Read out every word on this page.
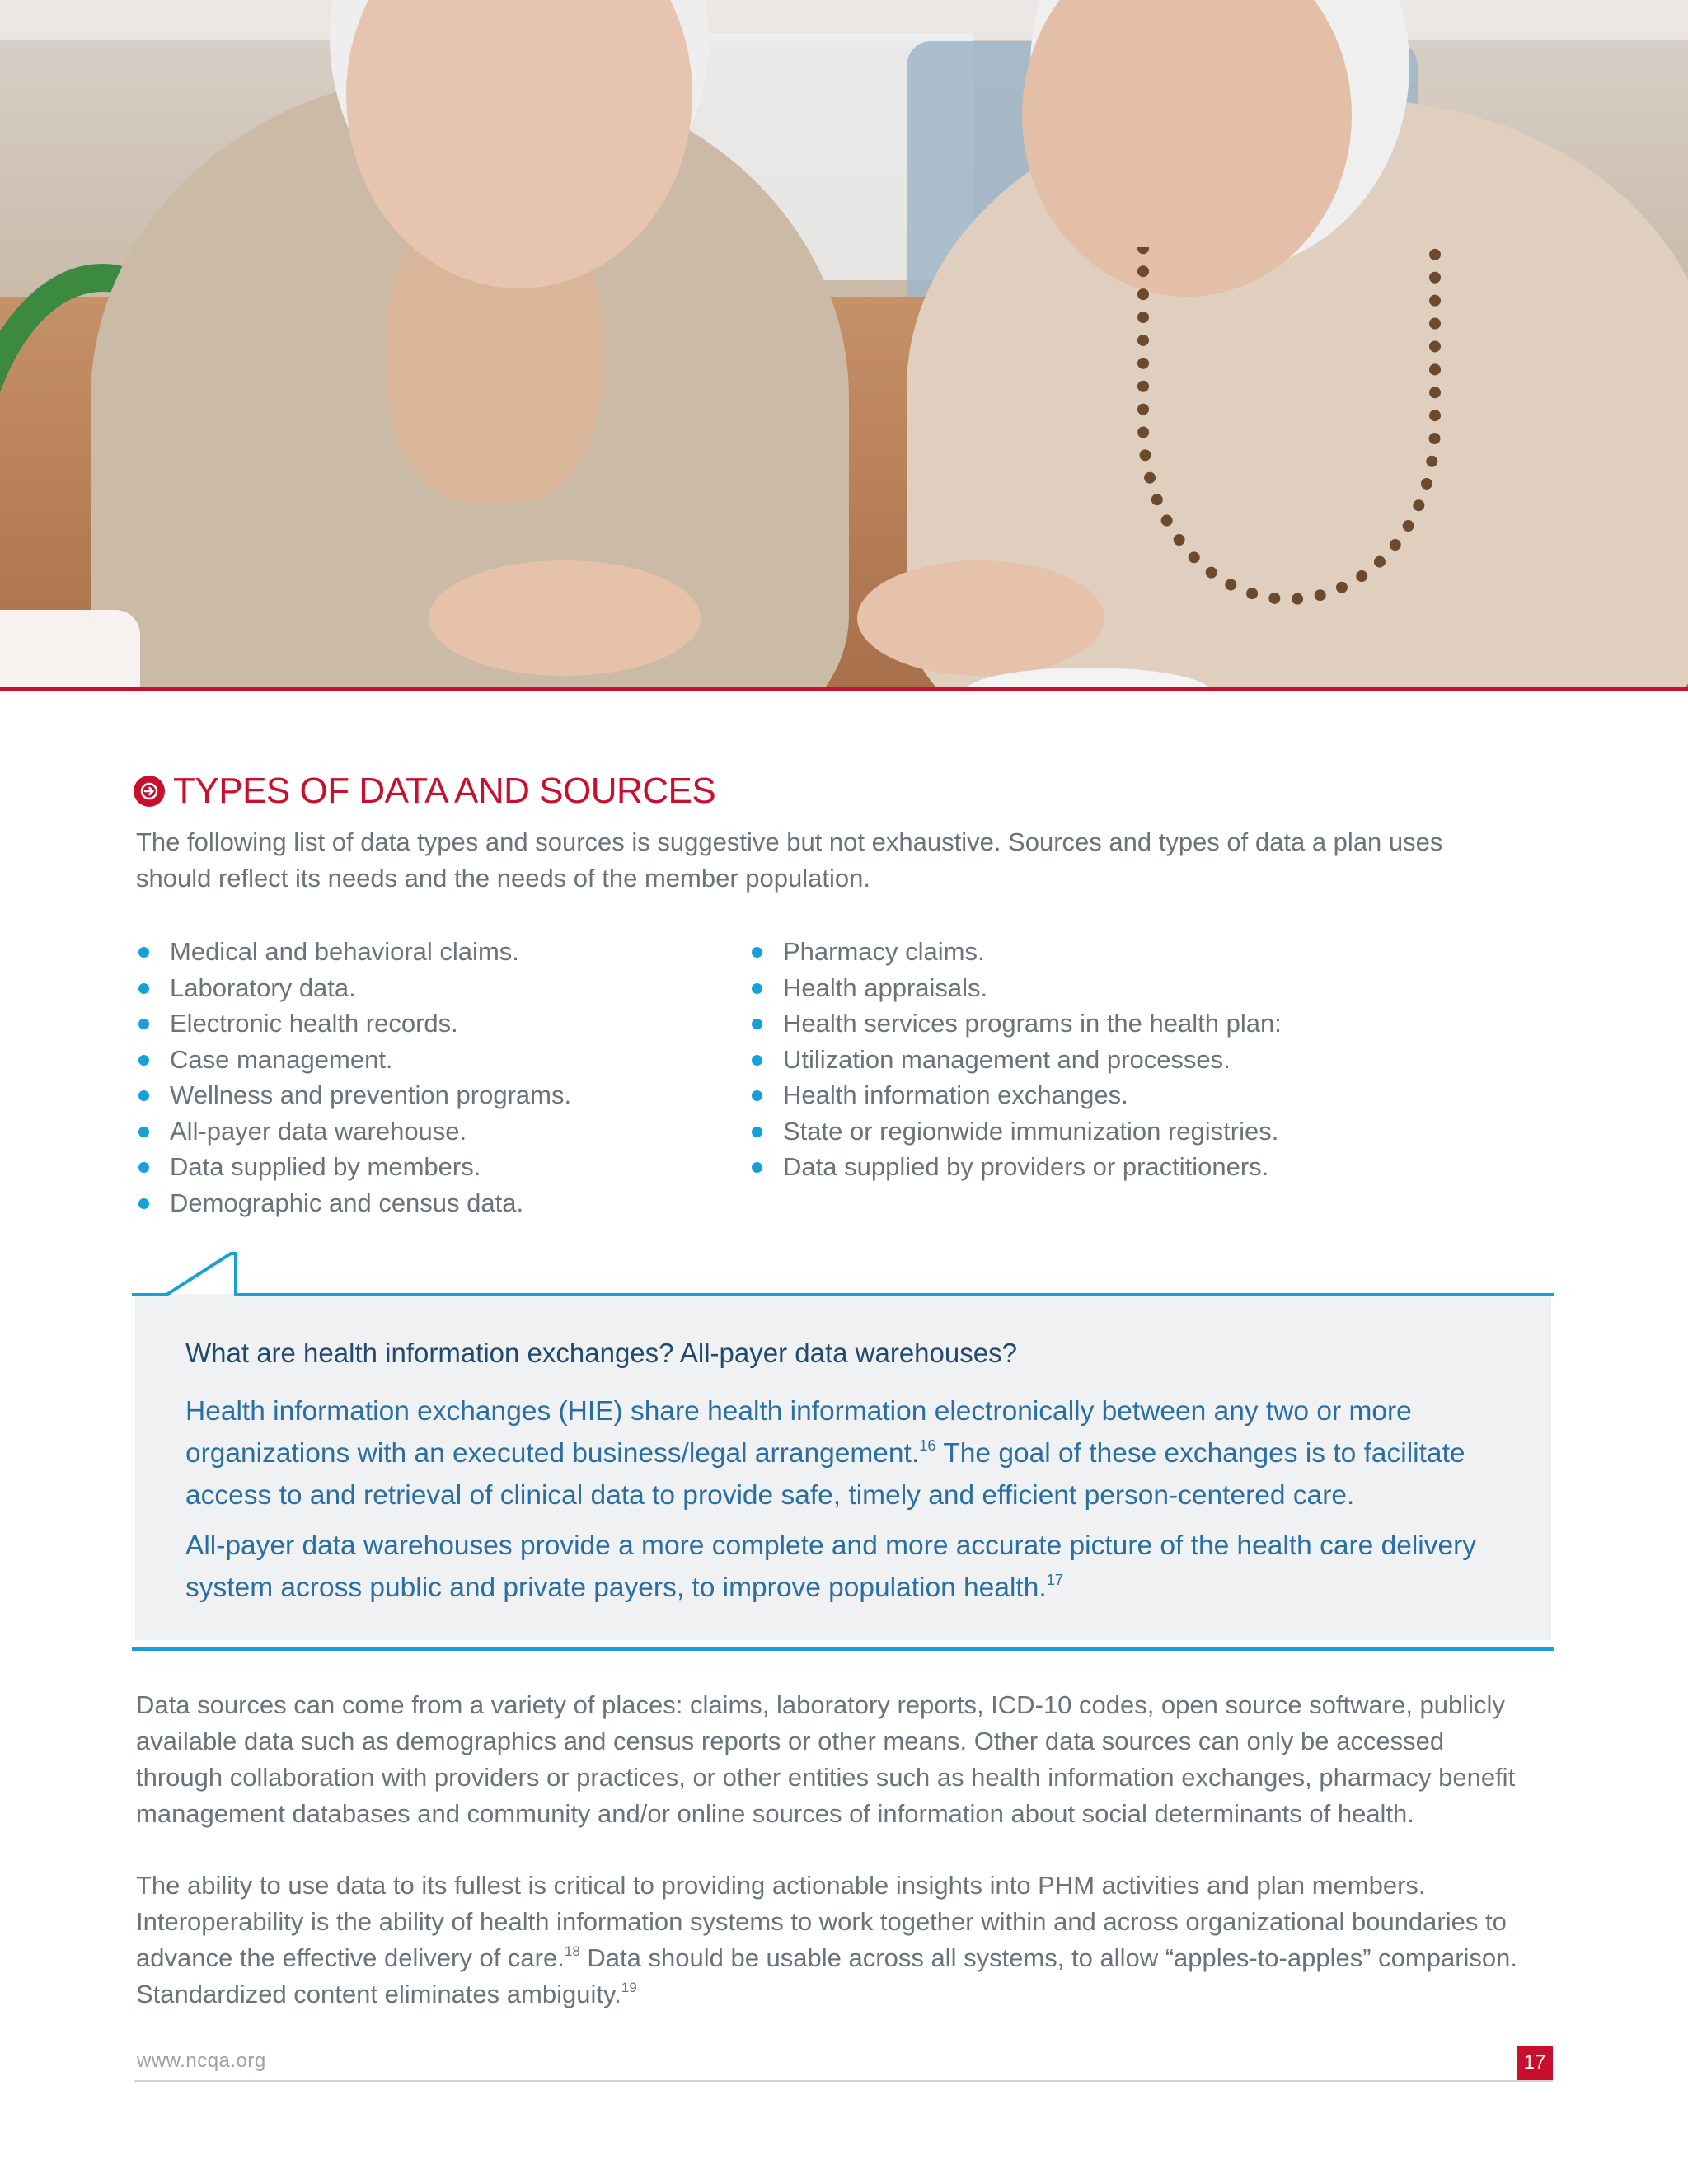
TYPES OF DATA AND SOURCES

The following list of data types and sources is suggestive but not exhaustive. Sources and types of data a plan uses should reflect its needs and the needs of the member population.

Medical and behavioral claims.
Laboratory data.
Electronic health records.
Case management.
Wellness and prevention programs.
All-payer data warehouse.
Data supplied by members.
Demographic and census data.
Pharmacy claims.
Health appraisals.
Health services programs in the health plan:
Utilization management and processes.
Health information exchanges.
State or regionwide immunization registries.
Data supplied by providers or practitioners.
What are health information exchanges? All-payer data warehouses?

Health information exchanges (HIE) share health information electronically between any two or more organizations with an executed business/legal arrangement.$^{16}$ The goal of these exchanges is to facilitate access to and retrieval of clinical data to provide safe, timely and efficient person-centered care.

All-payer data warehouses provide a more complete and more accurate picture of the health care delivery system across public and private payers, to improve population health.$^{17}$

Data sources can come from a variety of places: claims, laboratory reports, ICD-10 codes, open source software, publicly available data such as demographics and census reports or other means. Other data sources can only be accessed through collaboration with providers or practices, or other entities such as health information exchanges, pharmacy benefit management databases and community and/or online sources of information about social determinants of health.

The ability to use data to its fullest is critical to providing actionable insights into PHM activities and plan members. Interoperability is the ability of health information systems to work together within and across organizational boundaries to advance the effective delivery of care.$^{18}$ Data should be usable across all systems, to allow “apples-to-apples” comparison. Standardized content eliminates ambiguity.$^{19}$

www.ncqa.org	17
